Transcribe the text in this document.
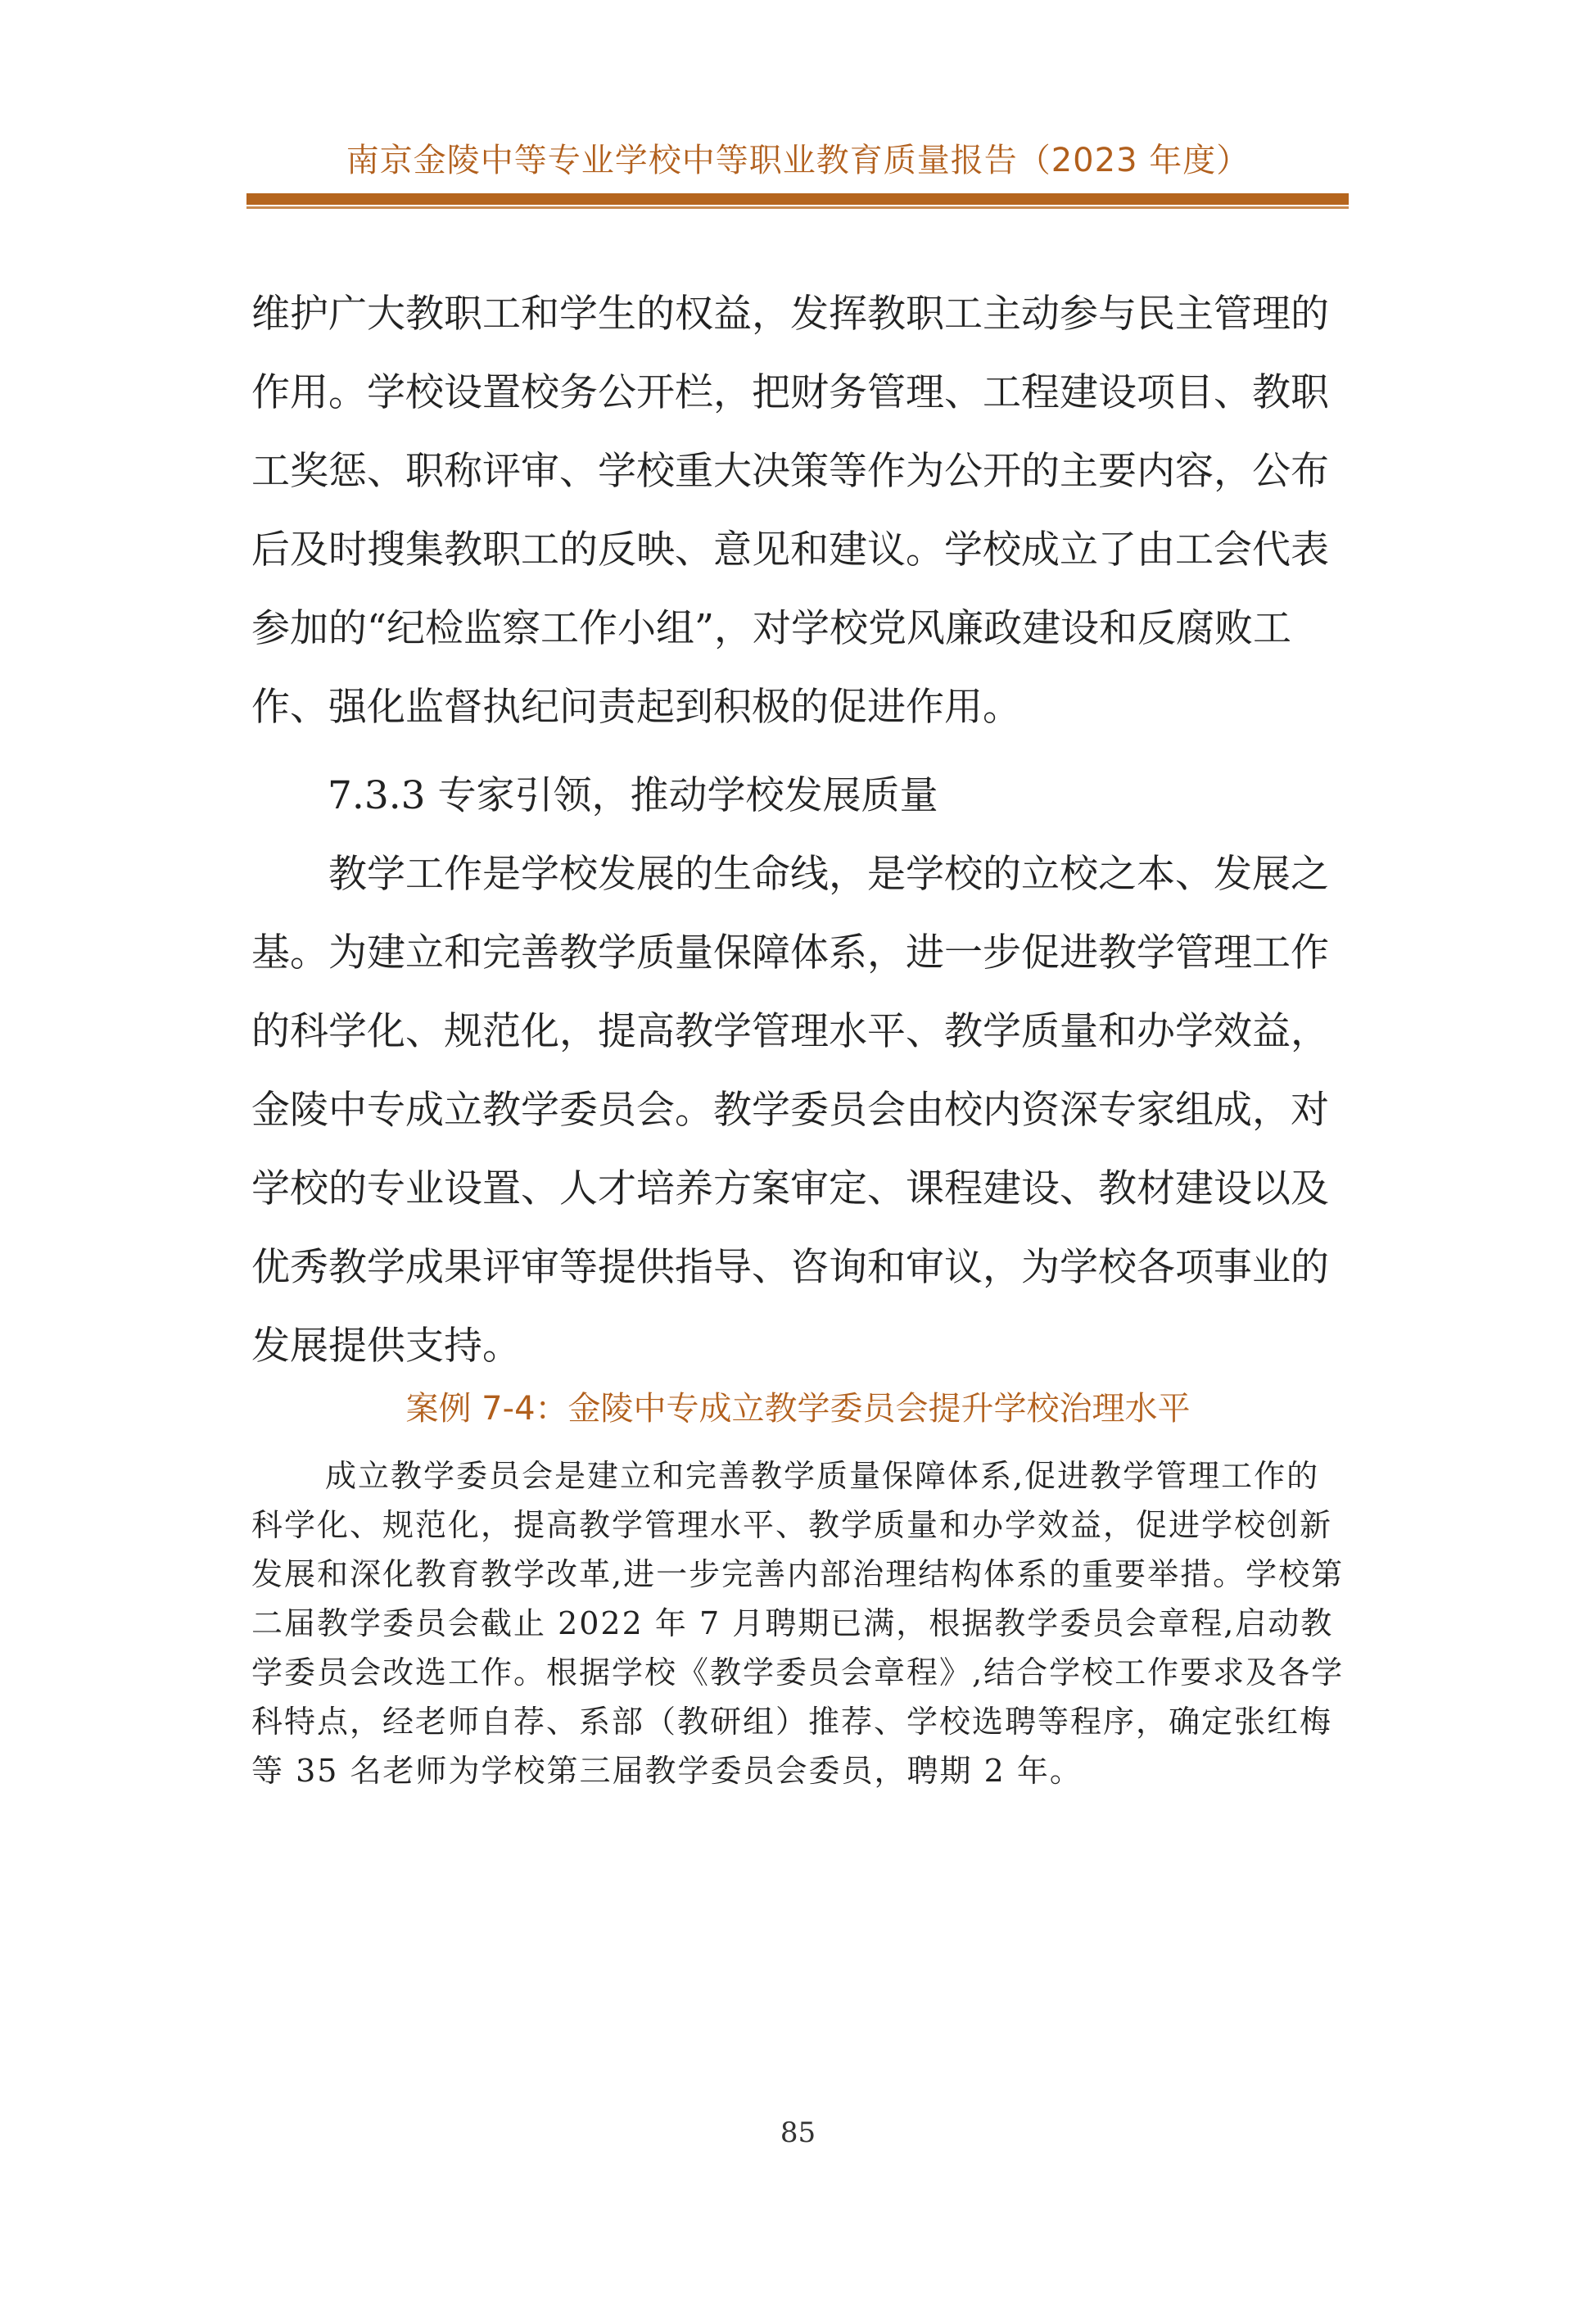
南京金陵中等专业学校中等职业教育质量报告（2023 年度）
维护广大教职工和学生的权益，发挥教职工主动参与民主管理的作用。学校设置校务公开栏，把财务管理、工程建设项目、教职工奖惩、职称评审、学校重大决策等作为公开的主要内容，公布后及时搜集教职工的反映、意见和建议。学校成立了由工会代表参加的“纪检监察工作小组”，对学校党风廉政建设和反腐败工作、强化监督执纪问责起到积极的促进作用。
7.3.3 专家引领，推动学校发展质量
教学工作是学校发展的生命线，是学校的立校之本、发展之基。为建立和完善教学质量保障体系，进一步促进教学管理工作的科学化、规范化，提高教学管理水平、教学质量和办学效益，金陵中专成立教学委员会。教学委员会由校内资深专家组成，对学校的专业设置、人才培养方案审定、课程建设、教材建设以及优秀教学成果评审等提供指导、咨询和审议，为学校各项事业的发展提供支持。
案例 7-4：金陵中专成立教学委员会提升学校治理水平
成立教学委员会是建立和完善教学质量保障体系,促进教学管理工作的科学化、规范化，提高教学管理水平、教学质量和办学效益，促进学校创新发展和深化教育教学改革,进一步完善内部治理结构体系的重要举措。学校第二届教学委员会截止 2022 年 7 月聘期已满，根据教学委员会章程,启动教学委员会改选工作。根据学校《教学委员会章程》,结合学校工作要求及各学科特点，经老师自荐、系部（教研组）推荐、学校选聘等程序，确定张红梅等 35 名老师为学校第三届教学委员会委员，聘期 2 年。
85
